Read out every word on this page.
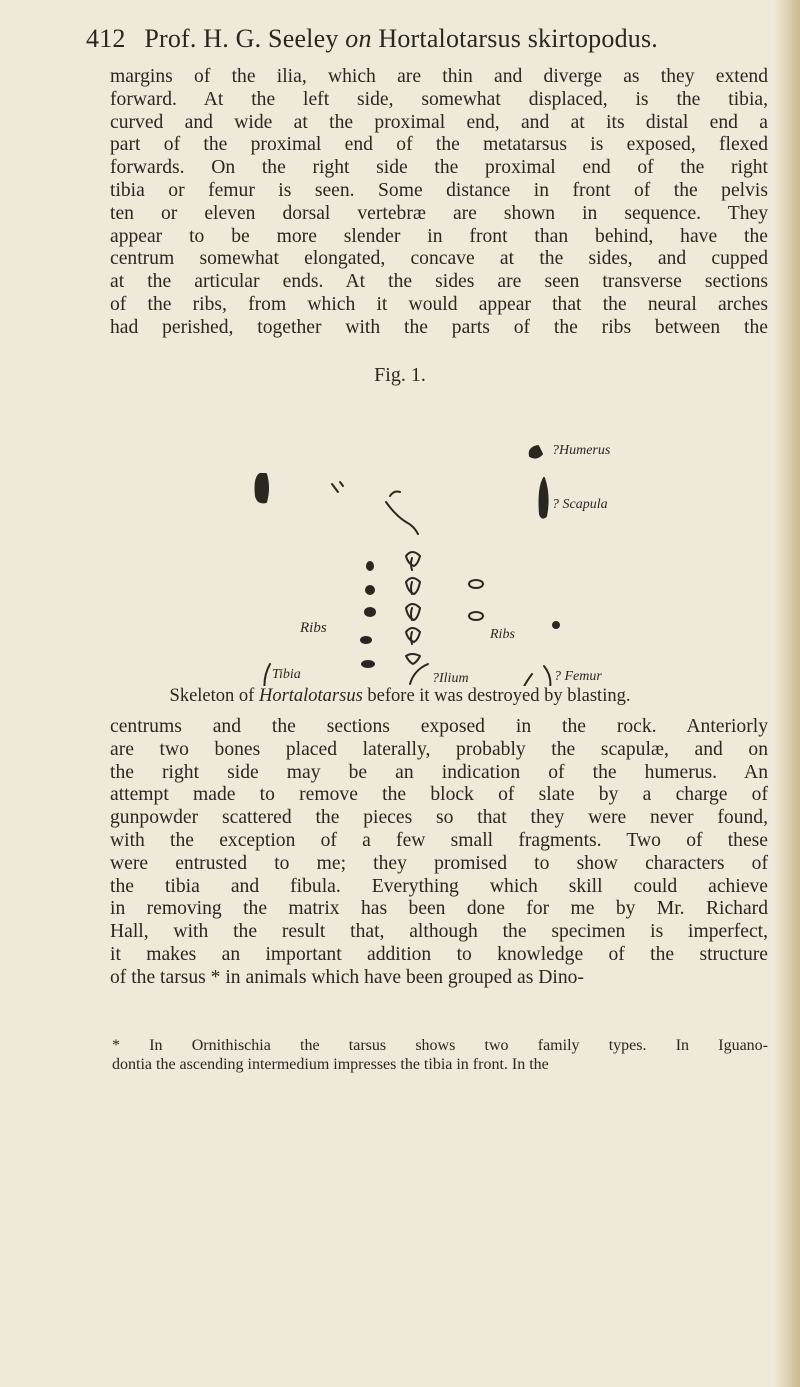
412 Prof. H. G. Seeley on Hortalotarsus skirtopodus.

margins of the ilia, which are thin and diverge as they extend

forward. At the left side, somewhat displaced, is the tibia,

curved and wide at the proximal end, and at its distal end a

part of the proximal end of the metatarsus is exposed, flexed

forwards. On the right side the proximal end of the right

tibia or femur is seen. Some distance in front of the pelvis

ten or eleven dorsal vertebræ are shown in sequence. They

appear to be more slender in front than behind, have the

centrum somewhat elongated, concave at the sides, and cupped

at the articular ends. At the sides are seen transverse sections

of the ribs, from which it would appear that the neural arches

had perished, together with the parts of the ribs between the

Fig. 1.
?Humerus
? Scapula
Ribs	Ribs
Tibia	? Femur
?Ilium
Skeleton of Hortalotarsus before it was destroyed by blasting.

centrums and the sections exposed in the rock. Anteriorly

are two bones placed laterally, probably the scapulæ, and on

the right side may be an indication of the humerus. An

attempt made to remove the block of slate by a charge of

gunpowder scattered the pieces so that they were never found,

with the exception of a few small fragments. Two of these

were entrusted to me; they promised to show characters of

the tibia and fibula. Everything which skill could achieve

in removing the matrix has been done for me by Mr. Richard

Hall, with the result that, although the specimen is imperfect,

it makes an important addition to knowledge of the structure

of the tarsus * in animals which have been grouped as Dino-

* In Ornithischia the tarsus shows two family types. In Iguano-

dontia the ascending intermedium impresses the tibia in front. In the
